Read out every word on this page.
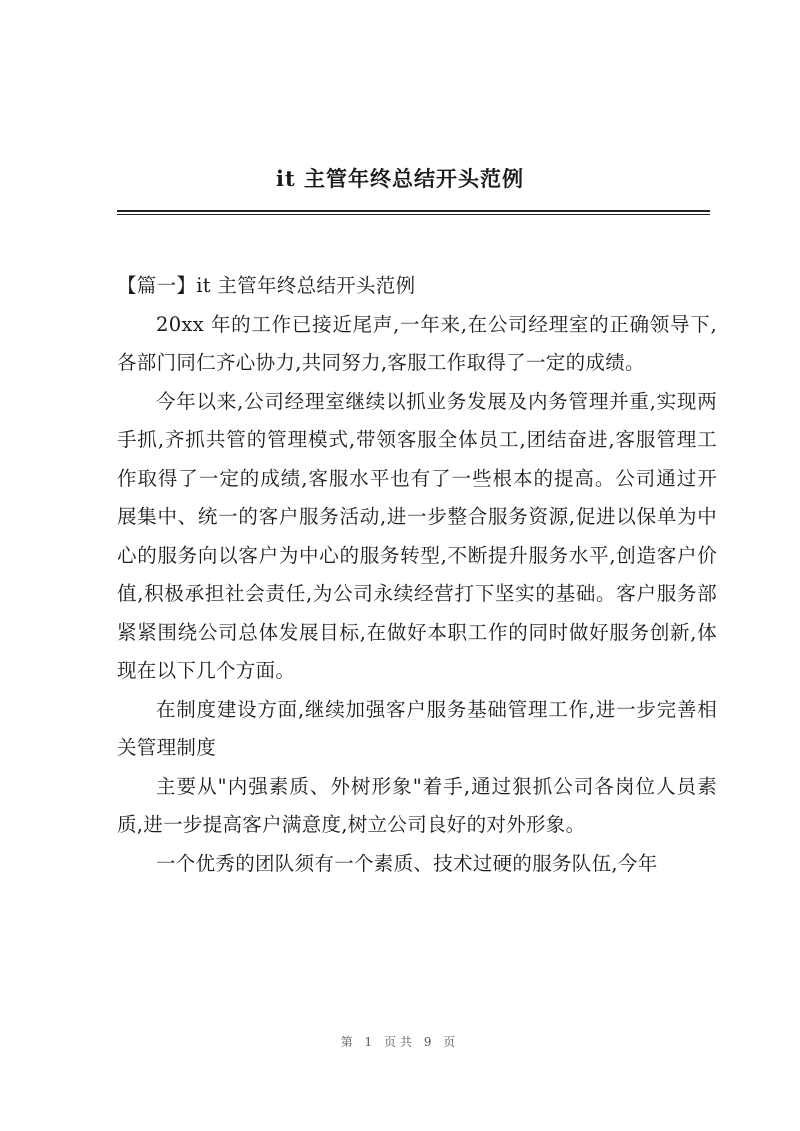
it 主管年终总结开头范例

【篇一】it 主管年终总结开头范例

20xx 年的工作已接近尾声,一年来,在公司经理室的正确领导下,各部门同仁齐心协力,共同努力,客服工作取得了一定的成绩。

今年以来,公司经理室继续以抓业务发展及内务管理并重,实现两手抓,齐抓共管的管理模式,带领客服全体员工,团结奋进,客服管理工作取得了一定的成绩,客服水平也有了一些根本的提高。公司通过开展集中、统一的客户服务活动,进一步整合服务资源,促进以保单为中心的服务向以客户为中心的服务转型,不断提升服务水平,创造客户价值,积极承担社会责任,为公司永续经营打下坚实的基础。客户服务部紧紧围绕公司总体发展目标,在做好本职工作的同时做好服务创新,体现在以下几个方面。

在制度建设方面,继续加强客户服务基础管理工作,进一步完善相关管理制度

主要从"内强素质、外树形象"着手,通过狠抓公司各岗位人员素质,进一步提高客户满意度,树立公司良好的对外形象。

一个优秀的团队须有一个素质、技术过硬的服务队伍,今年

第 1 页共 9 页
